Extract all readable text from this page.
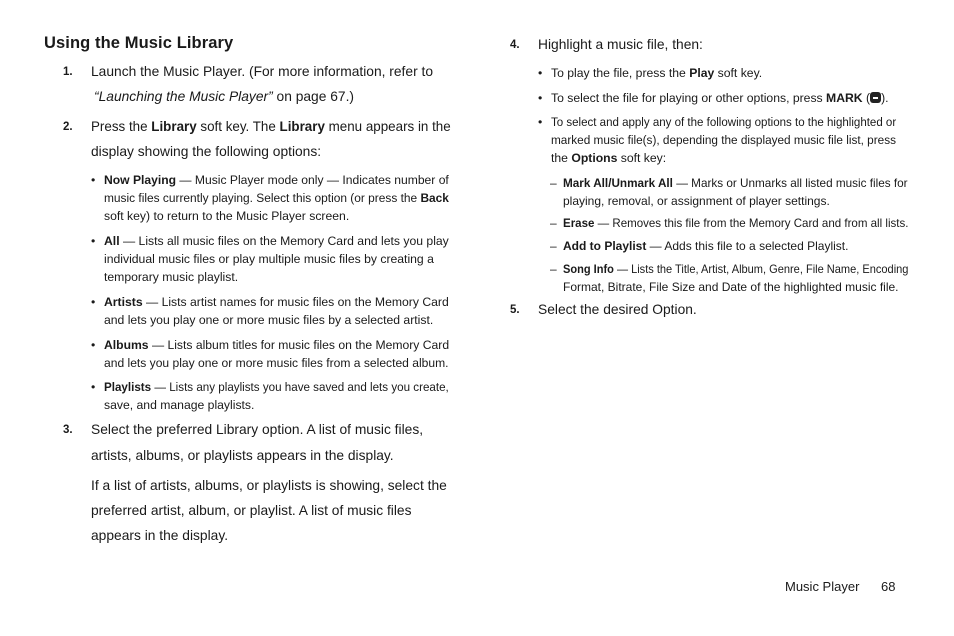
Using the Music Library
1. Launch the Music Player. (For more information, refer to
“Launching the Music Player” on page 67.)
2. Press the Library soft key. The Library menu appears in the
display showing the following options:
• Now Playing — Music Player mode only — Indicates number of
music files currently playing. Select this option (or press the Back
soft key) to return to the Music Player screen.
• All — Lists all music files on the Memory Card and lets you play
individual music files or play multiple music files by creating a
temporary music playlist.
• Artists — Lists artist names for music files on the Memory Card
and lets you play one or more music files by a selected artist.
• Albums — Lists album titles for music files on the Memory Card
and lets you play one or more music files from a selected album.
• Playlists — Lists any playlists you have saved and lets you create,
save, and manage playlists.
3. Select the preferred Library option. A list of music files,
artists, albums, or playlists appears in the display.
If a list of artists, albums, or playlists is showing, select the
preferred artist, album, or playlist. A list of music files
appears in the display.
4. Highlight a music file, then:
• To play the file, press the Play soft key.
• To select the file for playing or other options, press MARK ( ).
• To select and apply any of the following options to the highlighted or
marked music file(s), depending the displayed music file list, press
the Options soft key:
– Mark All/Unmark All — Marks or Unmarks all listed music files for
playing, removal, or assignment of player settings.
– Erase — Removes this file from the Memory Card and from all lists.
– Add to Playlist — Adds this file to a selected Playlist.
– Song Info — Lists the Title, Artist, Album, Genre, File Name, Encoding
Format, Bitrate, File Size and Date of the highlighted music file.
5. Select the desired Option.
Music Player 68
